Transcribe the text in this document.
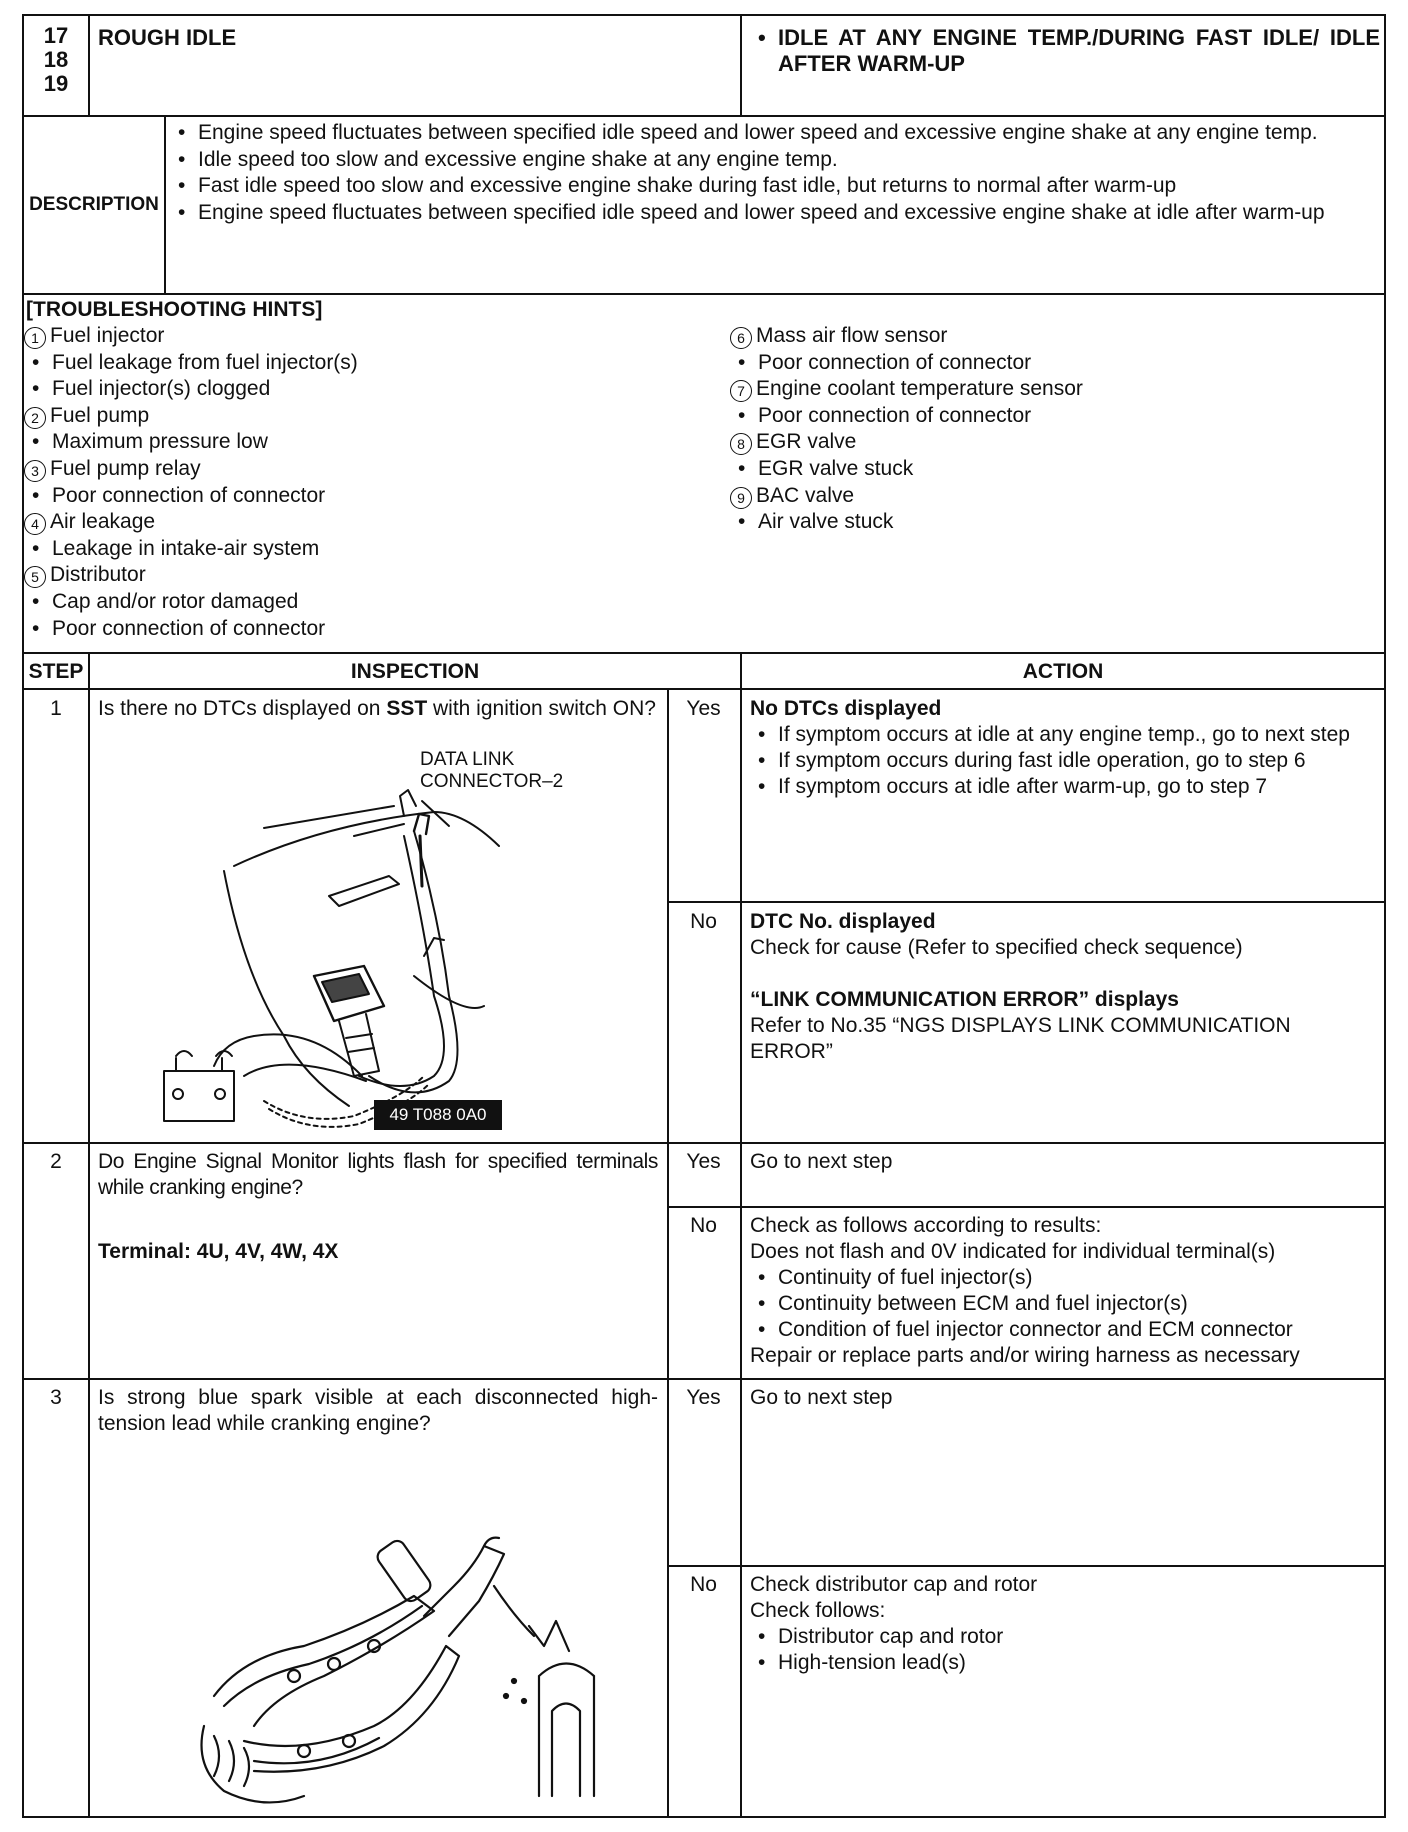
17
18
19
ROUGH IDLE
•	IDLE AT ANY ENGINE TEMP./DURING FAST IDLE/ IDLE AFTER WARM-UP
DESCRIPTION
• Engine speed fluctuates between specified idle speed and lower speed and excessive engine shake at any engine temp.
• Idle speed too slow and excessive engine shake at any engine temp.
• Fast idle speed too slow and excessive engine shake during fast idle, but returns to normal after warm-up
• Engine speed fluctuates between specified idle speed and lower speed and excessive engine shake at idle after warm-up
[TROUBLESHOOTING HINTS]
1 Fuel injector
• Fuel leakage from fuel injector(s)
• Fuel injector(s) clogged
2 Fuel pump
• Maximum pressure low
3 Fuel pump relay
• Poor connection of connector
4 Air leakage
• Leakage in intake-air system
5 Distributor
• Cap and/or rotor damaged
• Poor connection of connector
6 Mass air flow sensor
• Poor connection of connector
7 Engine coolant temperature sensor
• Poor connection of connector
8 EGR valve
• EGR valve stuck
9 BAC valve
• Air valve stuck
STEP	INSPECTION	ACTION
1	Is there no DTCs displayed on SST with ignition switch ON?
DATA LINK
CONNECTOR–2
49 T088 0A0
Yes	No DTCs displayed
• If symptom occurs at idle at any engine temp., go to next step
• If symptom occurs during fast idle operation, go to step 6
• If symptom occurs at idle after warm-up, go to step 7
No	DTC No. displayed
Check for cause (Refer to specified check sequence)
“LINK COMMUNICATION ERROR” displays
Refer to No.35 “NGS DISPLAYS LINK COMMUNICATION ERROR”
2	Do Engine Signal Monitor lights flash for specified terminals while cranking engine?
Terminal: 4U, 4V, 4W, 4X
Yes	Go to next step
No	Check as follows according to results:
Does not flash and 0V indicated for individual terminal(s)
• Continuity of fuel injector(s)
• Continuity between ECM and fuel injector(s)
• Condition of fuel injector connector and ECM connector
Repair or replace parts and/or wiring harness as necessary
3	Is strong blue spark visible at each disconnected high-tension lead while cranking engine?
Yes	Go to next step
No	Check distributor cap and rotor
Check follows:
• Distributor cap and rotor
• High-tension lead(s)
